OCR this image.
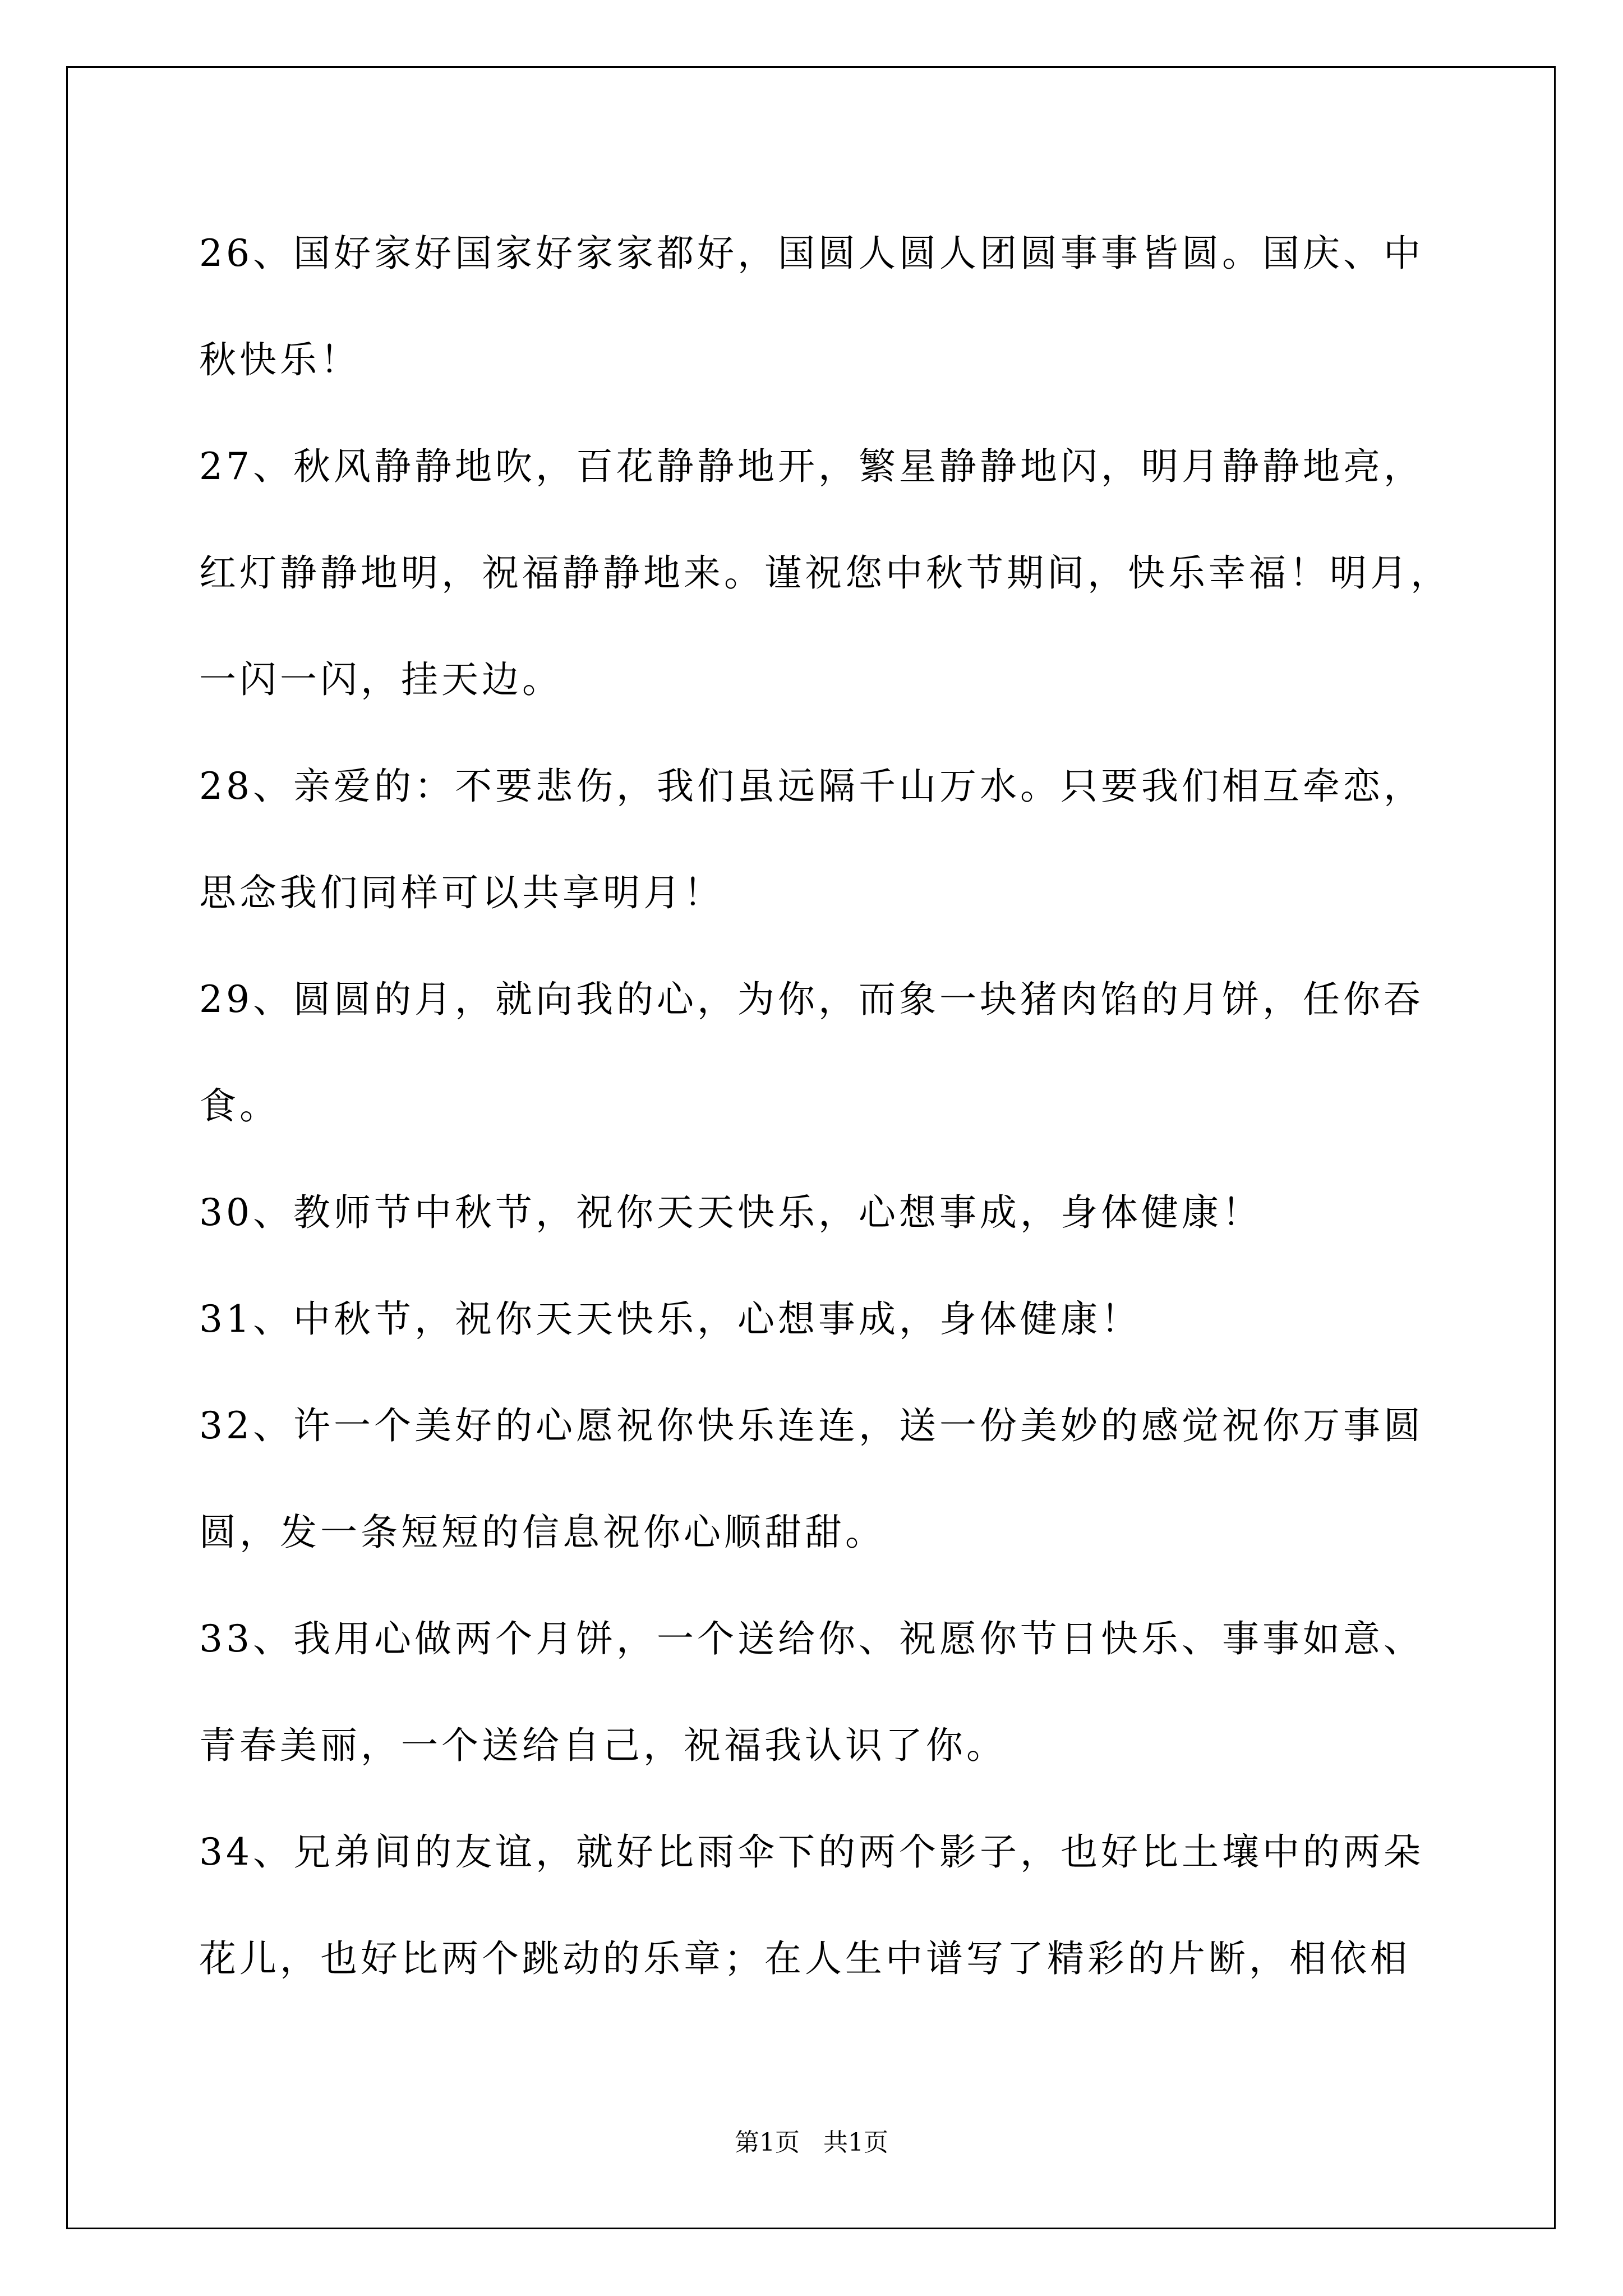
26、国好家好国家好家家都好，国圆人圆人团圆事事皆圆。国庆、中
秋快乐！
27、秋风静静地吹，百花静静地开，繁星静静地闪，明月静静地亮，
红灯静静地明，祝福静静地来。谨祝您中秋节期间，快乐幸福！明月，
一闪一闪，挂天边。
28、亲爱的：不要悲伤，我们虽远隔千山万水。只要我们相互牵恋，
思念我们同样可以共享明月！
29、圆圆的月，就向我的心，为你，而象一块猪肉馅的月饼，任你吞
食。
30、教师节中秋节，祝你天天快乐，心想事成，身体健康！
31、中秋节，祝你天天快乐，心想事成，身体健康！
32、许一个美好的心愿祝你快乐连连，送一份美妙的感觉祝你万事圆
圆，发一条短短的信息祝你心顺甜甜。
33、我用心做两个月饼，一个送给你、祝愿你节日快乐、事事如意、
青春美丽，一个送给自己，祝福我认识了你。
34、兄弟间的友谊，就好比雨伞下的两个影子，也好比土壤中的两朵
花儿，也好比两个跳动的乐章；在人生中谱写了精彩的片断，相依相
第1页 共1页
